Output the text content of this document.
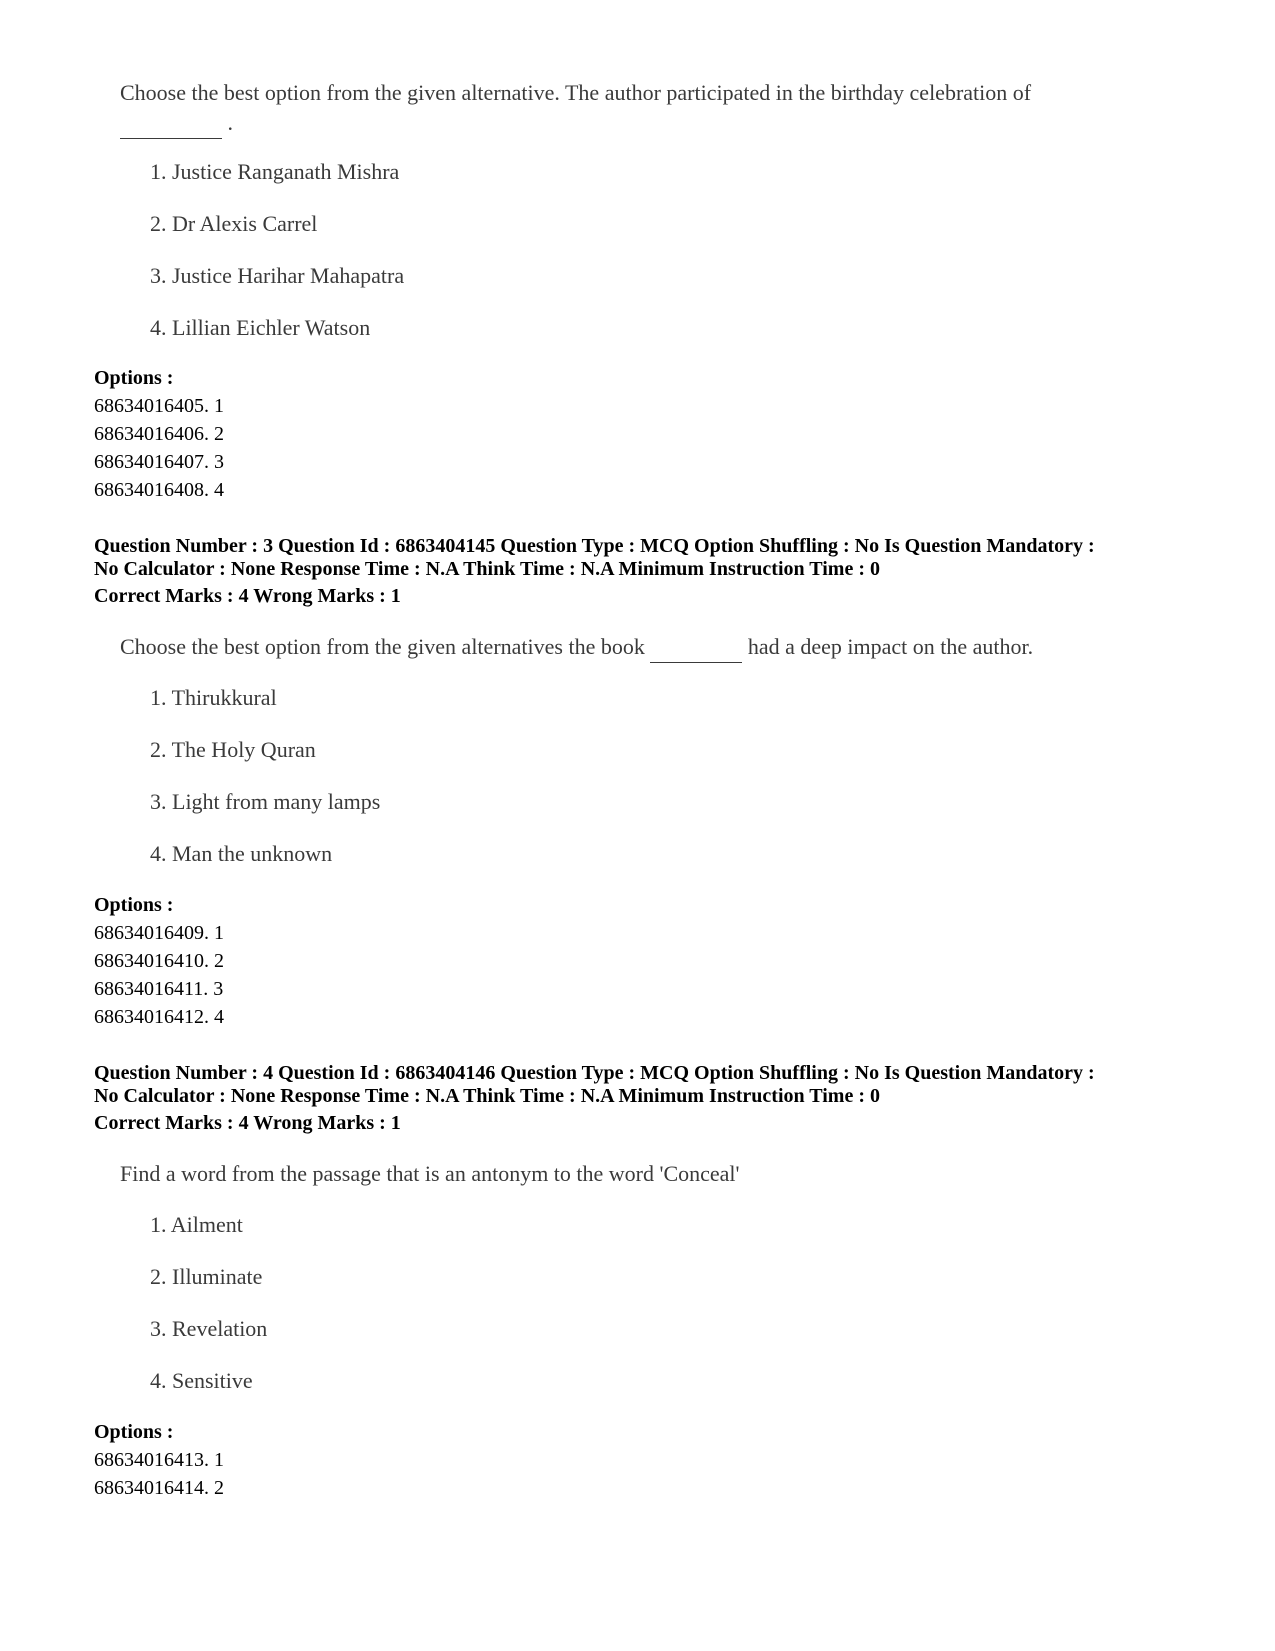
Choose the best option from the given alternative. The author participated in the birthday celebration of
.
1. Justice Ranganath Mishra
2. Dr Alexis Carrel
3. Justice Harihar Mahapatra
4. Lillian Eichler Watson
Options :
68634016405. 1
68634016406. 2
68634016407. 3
68634016408. 4
Question Number : 3 Question Id : 6863404145 Question Type : MCQ Option Shuffling : No Is Question Mandatory :
No Calculator : None Response Time : N.A Think Time : N.A Minimum Instruction Time : 0
Correct Marks : 4 Wrong Marks : 1
Choose the best option from the given alternatives the book	had a deep impact on the author.
1. Thirukkural
2. The Holy Quran
3. Light from many lamps
4. Man the unknown
Options :
68634016409. 1
68634016410. 2
68634016411. 3
68634016412. 4
Question Number : 4 Question Id : 6863404146 Question Type : MCQ Option Shuffling : No Is Question Mandatory :
No Calculator : None Response Time : N.A Think Time : N.A Minimum Instruction Time : 0
Correct Marks : 4 Wrong Marks : 1
Find a word from the passage that is an antonym to the word 'Conceal'
1. Ailment
2. Illuminate
3. Revelation
4. Sensitive
Options :
68634016413. 1
68634016414. 2
